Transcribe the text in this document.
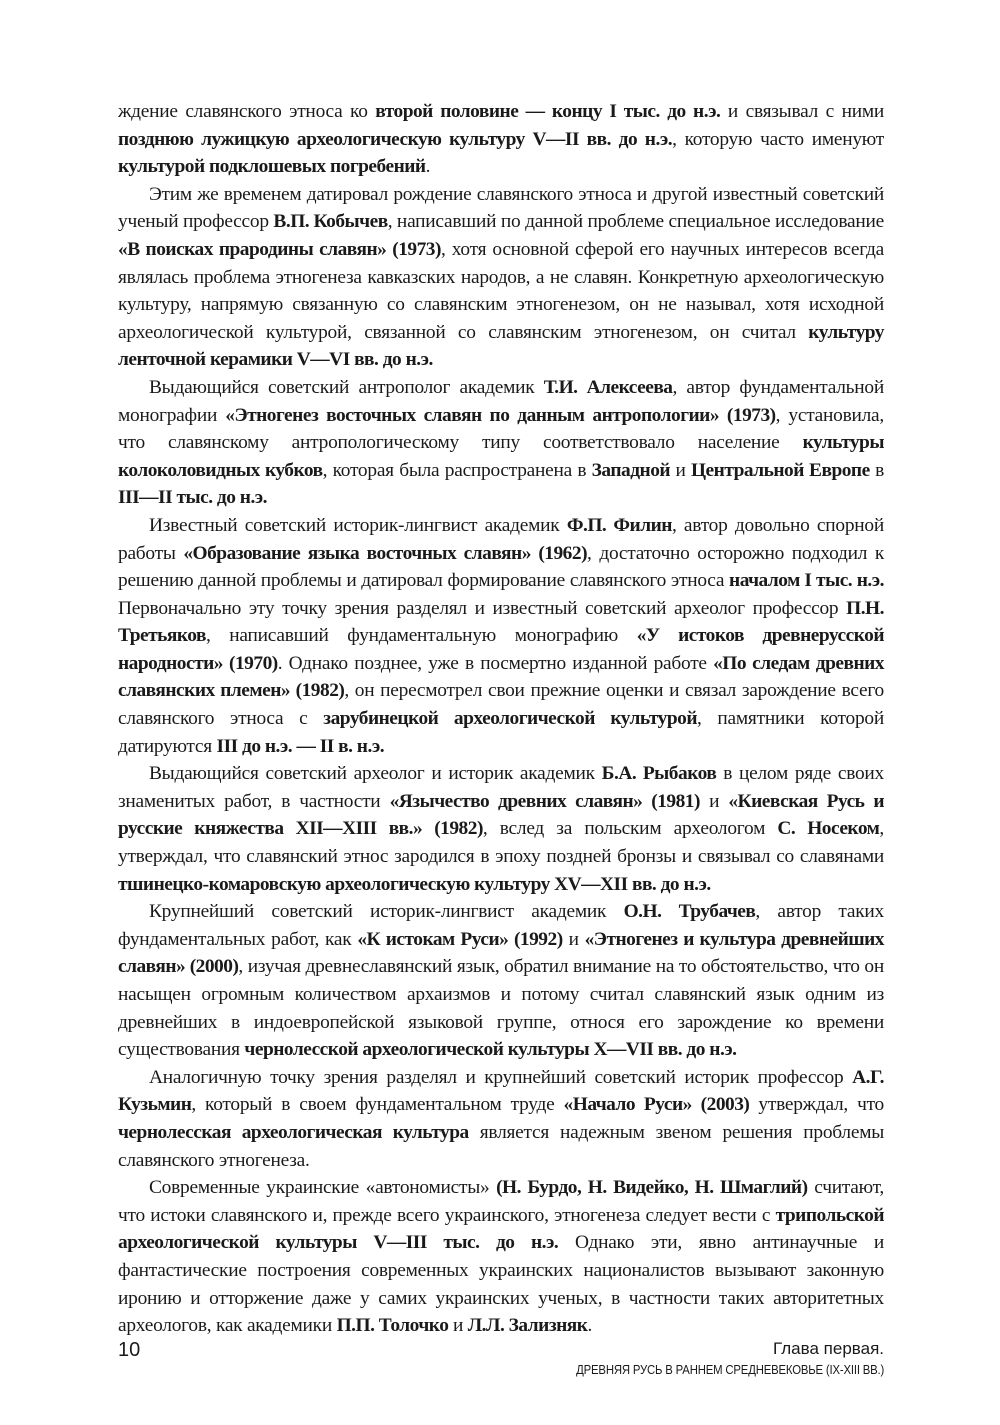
ждение славянского этноса ко второй половине — концу I тыс. до н.э. и связывал с ними позднюю лужицкую археологическую культуру V—II вв. до н.э., которую часто именуют культурой подклошевых погребений.

Этим же временем датировал рождение славянского этноса и другой известный советский ученый профессор В.П. Кобычев, написавший по данной проблеме специальное исследование «В поисках прародины славян» (1973), хотя основной сферой его научных интересов всегда являлась проблема этногенеза кавказских народов, а не славян. Конкретную археологическую культуру, напрямую связанную со славянским этногенезом, он не называл, хотя исходной археологической культурой, связанной со славянским этногенезом, он считал культуру ленточной керамики V—VI вв. до н.э.

Выдающийся советский антрополог академик Т.И. Алексеева, автор фундаментальной монографии «Этногенез восточных славян по данным антропологии» (1973), установила, что славянскому антропологическому типу соответствовало население культуры колоколовидных кубков, которая была распространена в Западной и Центральной Европе в III—II тыс. до н.э.

Известный советский историк-лингвист академик Ф.П. Филин, автор довольно спорной работы «Образование языка восточных славян» (1962), достаточно осторожно подходил к решению данной проблемы и датировал формирование славянского этноса началом I тыс. н.э. Первоначально эту точку зрения разделял и известный советский археолог профессор П.Н. Третьяков, написавший фундаментальную монографию «У истоков древнерусской народности» (1970). Однако позднее, уже в посмертно изданной работе «По следам древних славянских племен» (1982), он пересмотрел свои прежние оценки и связал зарождение всего славянского этноса с зарубинецкой археологической культурой, памятники которой датируются III до н.э. — II в. н.э.

Выдающийся советский археолог и историк академик Б.А. Рыбаков в целом ряде своих знаменитых работ, в частности «Язычество древних славян» (1981) и «Киевская Русь и русские княжества XII—XIII вв.» (1982), вслед за польским археологом С. Носеком, утверждал, что славянский этнос зародился в эпоху поздней бронзы и связывал со славянами тшинецко-комаровскую археологическую культуру XV—XII вв. до н.э.

Крупнейший советский историк-лингвист академик О.Н. Трубачев, автор таких фундаментальных работ, как «К истокам Руси» (1992) и «Этногенез и культура древнейших славян» (2000), изучая древнеславянский язык, обратил внимание на то обстоятельство, что он насыщен огромным количеством архаизмов и потому считал славянский язык одним из древнейших в индоевропейской языковой группе, относя его зарождение ко времени существования чернолесской археологической культуры X—VII вв. до н.э.

Аналогичную точку зрения разделял и крупнейший советский историк профессор А.Г. Кузьмин, который в своем фундаментальном труде «Начало Руси» (2003) утверждал, что чернолесская археологическая культура является надежным звеном решения проблемы славянского этногенеза.

Современные украинские «автономисты» (Н. Бурдо, Н. Видейко, Н. Шмаглий) считают, что истоки славянского и, прежде всего украинского, этногенеза следует вести с трипольской археологической культуры V—III тыс. до н.э. Однако эти, явно антинаучные и фантастические построения современных украинских националистов вызывают законную иронию и отторжение даже у самих украинских ученых, в частности таких авторитетных археологов, как академики П.П. Толочко и Л.Л. Зализняк.

10	Глава первая.
ДРЕВНЯЯ РУСЬ В РАННЕМ СРЕДНЕВЕКОВЬЕ (IX-XIII ВВ.)
